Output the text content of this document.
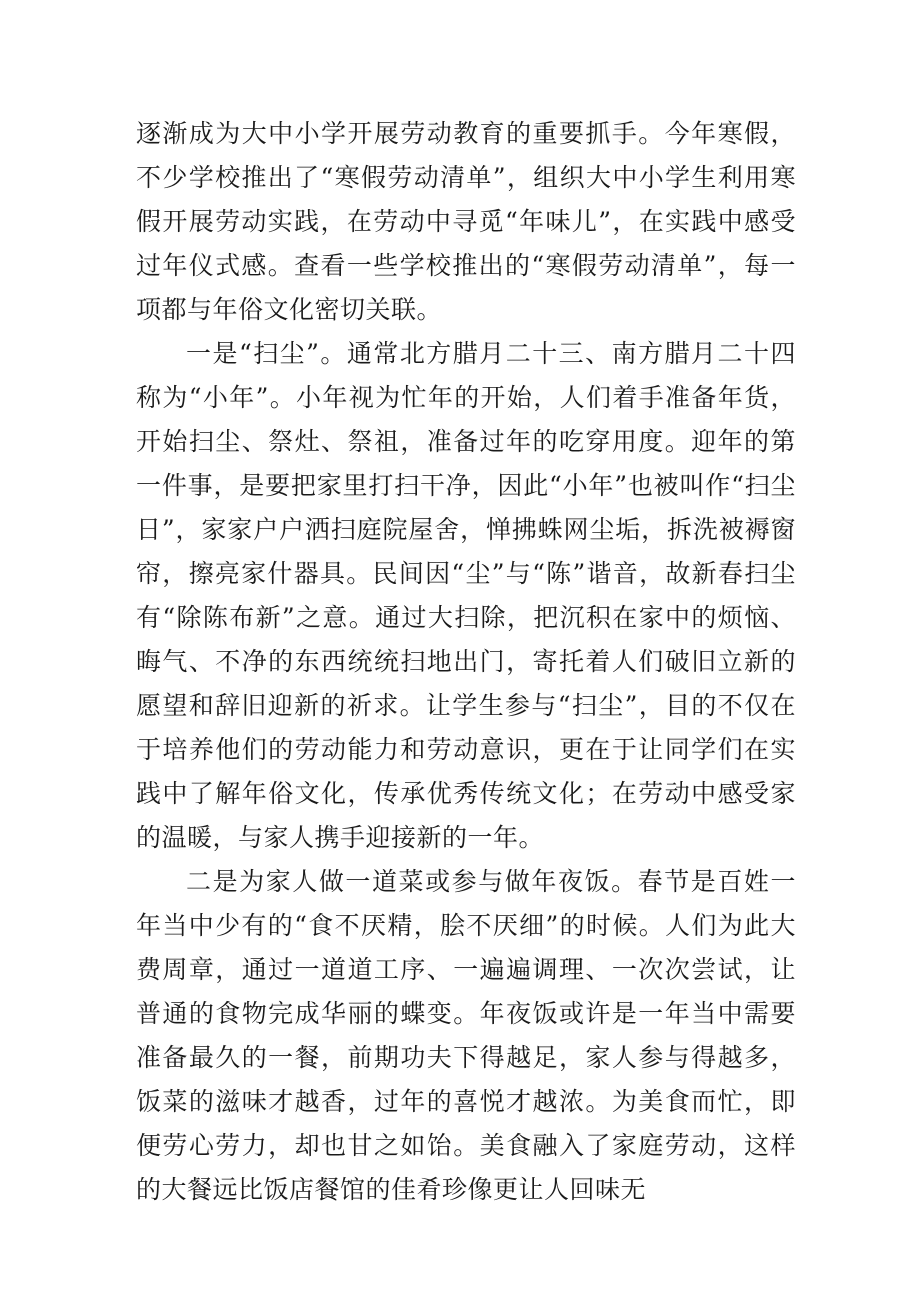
逐渐成为大中小学开展劳动教育的重要抓手。今年寒假，不少学校推出了“寒假劳动清单”，组织大中小学生利用寒假开展劳动实践，在劳动中寻觅“年味儿”，在实践中感受过年仪式感。查看一些学校推出的“寒假劳动清单”，每一项都与年俗文化密切关联。

一是“扫尘”。通常北方腊月二十三、南方腊月二十四称为“小年”。小年视为忙年的开始，人们着手准备年货，开始扫尘、祭灶、祭祖，准备过年的吃穿用度。迎年的第一件事，是要把家里打扫干净，因此“小年”也被叫作“扫尘日”，家家户户洒扫庭院屋舍，惮拂蛛网尘垢，拆洗被褥窗帘，擦亮家什器具。民间因“尘”与“陈”谐音，故新春扫尘有“除陈布新”之意。通过大扫除，把沉积在家中的烦恼、晦气、不净的东西统统扫地出门，寄托着人们破旧立新的愿望和辞旧迎新的祈求。让学生参与“扫尘”，目的不仅在于培养他们的劳动能力和劳动意识，更在于让同学们在实践中了解年俗文化，传承优秀传统文化；在劳动中感受家的温暖，与家人携手迎接新的一年。

二是为家人做一道菜或参与做年夜饭。春节是百姓一年当中少有的“食不厌精，脍不厌细”的时候。人们为此大费周章，通过一道道工序、一遍遍调理、一次次尝试，让普通的食物完成华丽的蝶变。年夜饭或许是一年当中需要准备最久的一餐，前期功夫下得越足，家人参与得越多，饭菜的滋味才越香，过年的喜悦才越浓。为美食而忙，即便劳心劳力，却也甘之如饴。美食融入了家庭劳动，这样的大餐远比饭店餐馆的佳肴珍像更让人回味无
